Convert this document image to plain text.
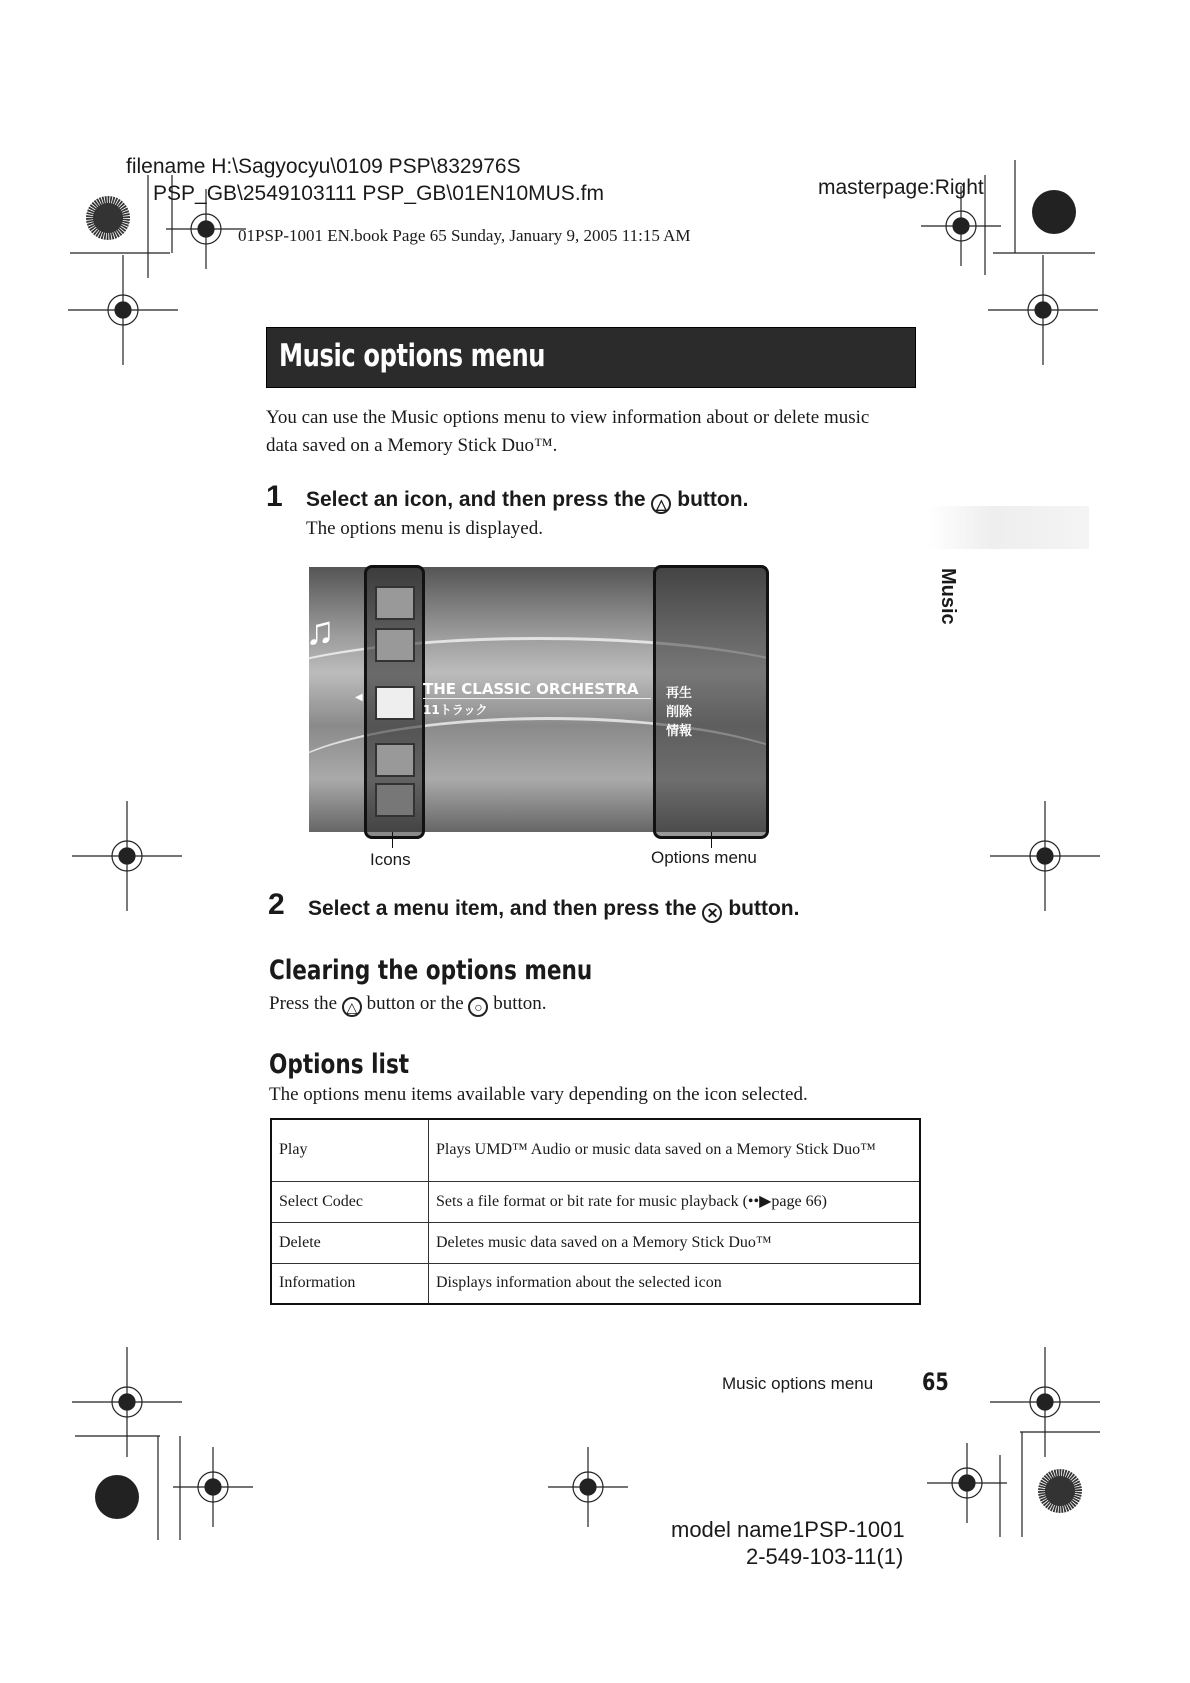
filename H:\Sagyocyu\0109 PSP\832976S
PSP_GB\2549103111 PSP_GB\01EN10MUS.fm
01PSP-1001 EN.book Page 65 Sunday, January 9, 2005 11:15 AM
masterpage:Right
Music options menu
You can use the Music options menu to view information about or delete music
data saved on a Memory Stick Duo™.
1 Select an icon, and then press the △ button.
The options menu is displayed.
♫
◀	THE CLASSIC ORCHESTRA
11トラック
再生
削除
情報
Icons	Options menu
2 Select a menu item, and then press the ✕ button.
Clearing the options menu
Press the △ button or the ○ button.
Options list
The options menu items available vary depending on the icon selected.
Play	Plays UMD™ Audio or music data saved on a Memory Stick Duo™
Select Codec	Sets a file format or bit rate for music playback (••▶page 66)
Delete	Deletes music data saved on a Memory Stick Duo™
Information	Displays information about the selected icon
Music
Music options menu 65
model name1PSP-1001
2-549-103-11(1)
